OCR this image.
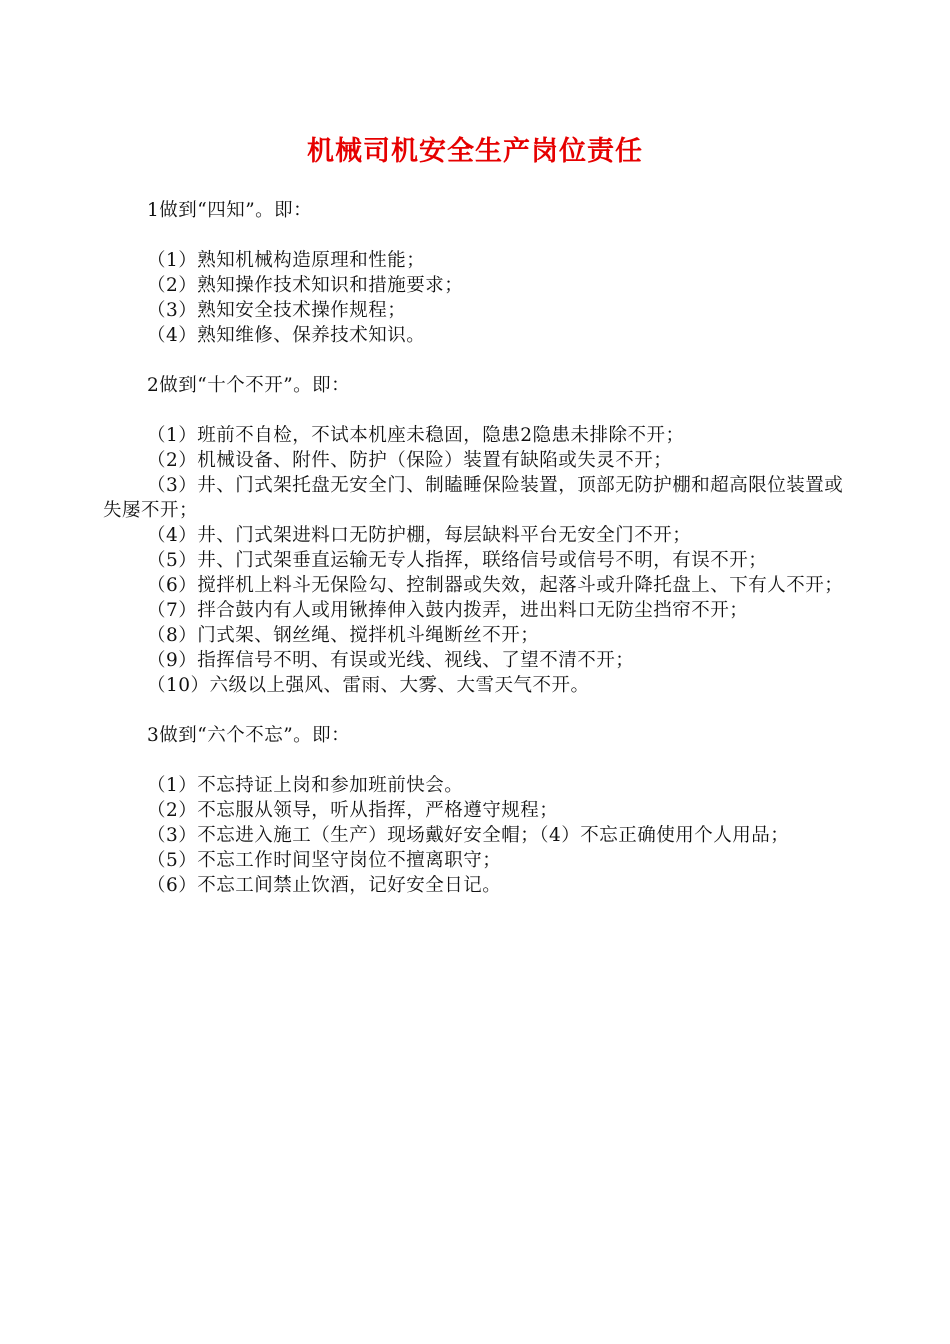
机械司机安全生产岗位责任
1做到“四知”。即：
（1）熟知机械构造原理和性能；
（2）熟知操作技术知识和措施要求；
（3）熟知安全技术操作规程；
（4）熟知维修、保养技术知识。
2做到“十个不开”。即：
（1）班前不自检，不试本机座未稳固，隐患2隐患未排除不开；
（2）机械设备、附件、防护（保险）装置有缺陷或失灵不开；
（3）井、门式架托盘无安全门、制瞌睡保险装置，顶部无防护棚和超高限位装置或失屡不开；
（4）井、门式架进料口无防护棚，每层缺料平台无安全门不开；
（5）井、门式架垂直运输无专人指挥，联络信号或信号不明，有误不开；
（6）搅拌机上料斗无保险勾、控制器或失效，起落斗或升降托盘上、下有人不开；
（7）拌合鼓内有人或用锹捧伸入鼓内拨弄，进出料口无防尘挡帘不开；
（8）门式架、钢丝绳、搅拌机斗绳断丝不开；
（9）指挥信号不明、有误或光线、视线、了望不清不开；
（10）六级以上强风、雷雨、大雾、大雪天气不开。
3做到“六个不忘”。即：
（1）不忘持证上岗和参加班前快会。
（2）不忘服从领导，听从指挥，严格遵守规程；
（3）不忘进入施工（生产）现场戴好安全帽；（4）不忘正确使用个人用品；
（5）不忘工作时间坚守岗位不擅离职守；
（6）不忘工间禁止饮酒，记好安全日记。
